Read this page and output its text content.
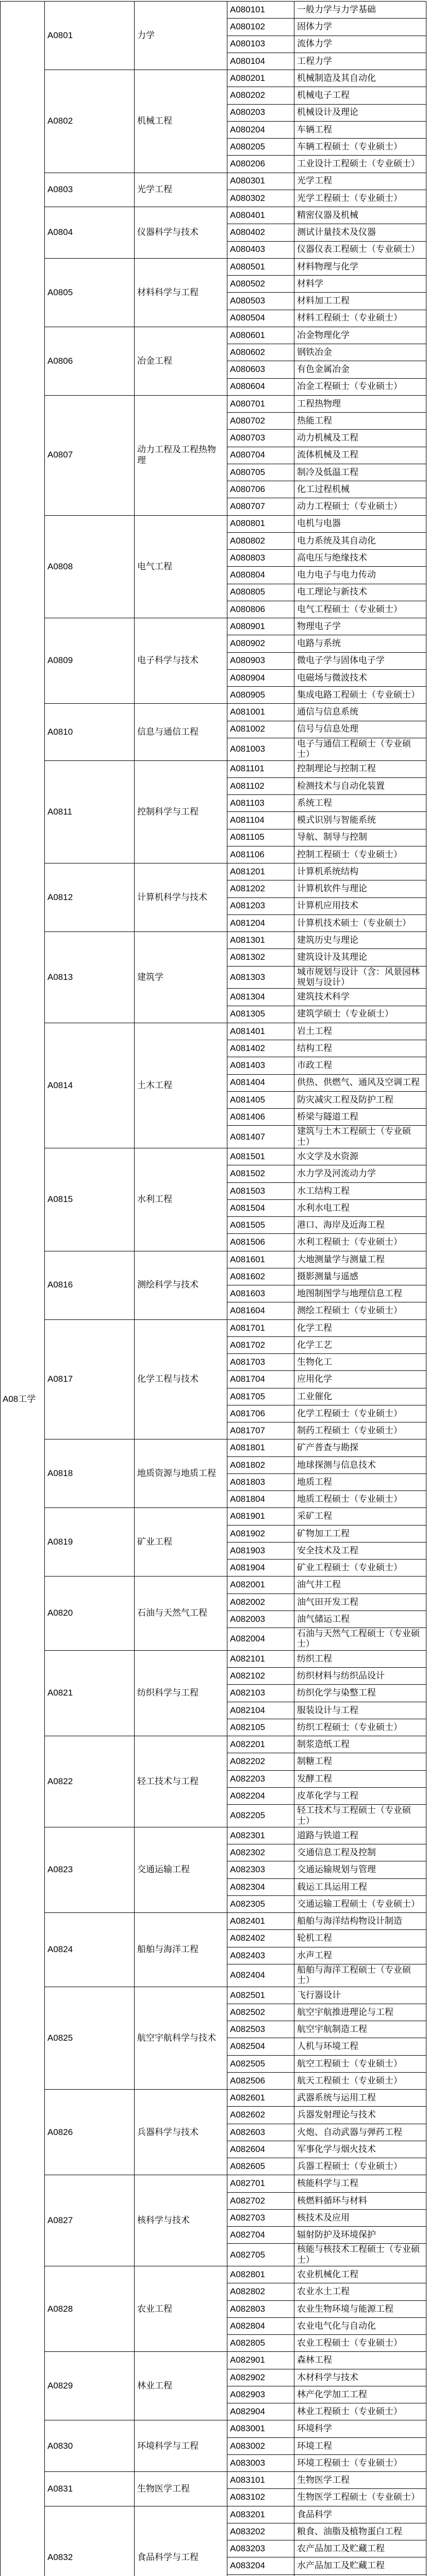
A08工学	A0801	力学	A080101	一般力学与力学基础
			A080102	固体力学
			A080103	流体力学
			A080104	工程力学
	A0802	机械工程	A080201	机械制造及其自动化
			A080202	机械电子工程
			A080203	机械设计及理论
			A080204	车辆工程
			A080205	车辆工程硕士（专业硕士）
			A080206	工业设计工程硕士（专业硕士）
	A0803	光学工程	A080301	光学工程
			A080302	光学工程硕士（专业硕士）
	A0804	仪器科学与技术	A080401	精密仪器及机械
			A080402	测试计量技术及仪器
			A080403	仪器仪表工程硕士（专业硕士）
	A0805	材料科学与工程	A080501	材料物理与化学
			A080502	材料学
			A080503	材料加工工程
			A080504	材料工程硕士（专业硕士）
	A0806	冶金工程	A080601	冶金物理化学
			A080602	钢铁冶金
			A080603	有色金属冶金
			A080604	冶金工程硕士（专业硕士）
	A0807	动力工程及工程热物理	A080701	工程热物理
			A080702	热能工程
			A080703	动力机械及工程
			A080704	流体机械及工程
			A080705	制冷及低温工程
			A080706	化工过程机械
			A080707	动力工程硕士（专业硕士）
	A0808	电气工程	A080801	电机与电器
			A080802	电力系统及其自动化
			A080803	高电压与绝缘技术
			A080804	电力电子与电力传动
			A080805	电工理论与新技术
			A080806	电气工程硕士（专业硕士）
	A0809	电子科学与技术	A080901	物理电子学
			A080902	电路与系统
			A080903	微电子学与固体电子学
			A080904	电磁场与微波技术
			A080905	集成电路工程硕士（专业硕士）
	A0810	信息与通信工程	A081001	通信与信息系统
			A081002	信号与信息处理
			A081003	电子与通信工程硕士（专业硕士）
	A0811	控制科学与工程	A081101	控制理论与控制工程
			A081102	检测技术与自动化装置
			A081103	系统工程
			A081104	模式识别与智能系统
			A081105	导航、制导与控制
			A081106	控制工程硕士（专业硕士）
	A0812	计算机科学与技术	A081201	计算机系统结构
			A081202	计算机软件与理论
			A081203	计算机应用技术
			A081204	计算机技术硕士（专业硕士）
	A0813	建筑学	A081301	建筑历史与理论
			A081302	建筑设计及其理论
			A081303	城市规划与设计（含：风景园林规划与设计）
			A081304	建筑技术科学
			A081305	建筑学硕士（专业硕士）
	A0814	土木工程	A081401	岩土工程
			A081402	结构工程
			A081403	市政工程
			A081404	供热、供燃气、通风及空调工程
			A081405	防灾减灾工程及防护工程
			A081406	桥梁与隧道工程
			A081407	建筑与土木工程硕士（专业硕士）
	A0815	水利工程	A081501	水文学及水资源
			A081502	水力学及河流动力学
			A081503	水工结构工程
			A081504	水利水电工程
			A081505	港口、海岸及近海工程
			A081506	水利工程硕士（专业硕士）
	A0816	测绘科学与技术	A081601	大地测量学与测量工程
			A081602	摄影测量与遥感
			A081603	地图制图学与地理信息工程
			A081604	测绘工程硕士（专业硕士）
	A0817	化学工程与技术	A081701	化学工程
			A081702	化学工艺
			A081703	生物化工
			A081704	应用化学
			A081705	工业催化
			A081706	化学工程硕士（专业硕士）
			A081707	制药工程硕士（专业硕士）
	A0818	地质资源与地质工程	A081801	矿产普查与勘探
			A081802	地球探测与信息技术
			A081803	地质工程
			A081804	地质工程硕士（专业硕士）
	A0819	矿业工程	A081901	采矿工程
			A081902	矿物加工工程
			A081903	安全技术及工程
			A081904	矿业工程硕士（专业硕士）
	A0820	石油与天然气工程	A082001	油气井工程
			A082002	油气田开发工程
			A082003	油气储运工程
			A082004	石油与天然气工程硕士（专业硕士）
	A0821	纺织科学与工程	A082101	纺织工程
			A082102	纺织材料与纺织品设计
			A082103	纺织化学与染整工程
			A082104	服装设计与工程
			A082105	纺织工程硕士（专业硕士）
	A0822	轻工技术与工程	A082201	制浆造纸工程
			A082202	制糖工程
			A082203	发酵工程
			A082204	皮革化学与工程
			A082205	轻工技术与工程硕士（专业硕士）
	A0823	交通运输工程	A082301	道路与铁道工程
			A082302	交通信息工程及控制
			A082303	交通运输规划与管理
			A082304	载运工具运用工程
			A082305	交通运输工程硕士（专业硕士）
	A0824	船舶与海洋工程	A082401	船舶与海洋结构物设计制造
			A082402	轮机工程
			A082403	水声工程
			A082404	船舶与海洋工程硕士（专业硕士）
	A0825	航空宇航科学与技术	A082501	飞行器设计
			A082502	航空宇航推进理论与工程
			A082503	航空宇航制造工程
			A082504	人机与环境工程
			A082505	航空工程硕士（专业硕士）
			A082506	航天工程硕士（专业硕士）
	A0826	兵器科学与技术	A082601	武器系统与运用工程
			A082602	兵器发射理论与技术
			A082603	火炮、自动武器与弹药工程
			A082604	军事化学与烟火技术
			A082605	兵器工程硕士（专业硕士）
	A0827	核科学与技术	A082701	核能科学与工程
			A082702	核燃料循环与材料
			A082703	核技术及应用
			A082704	辐射防护及环境保护
			A082705	核能与核技术工程硕士（专业硕士）
	A0828	农业工程	A082801	农业机械化工程
			A082802	农业水土工程
			A082803	农业生物环境与能源工程
			A082804	农业电气化与自动化
			A082805	农业工程硕士（专业硕士）
	A0829	林业工程	A082901	森林工程
			A082902	木材科学与技术
			A082903	林产化学加工工程
			A082904	林业工程硕士（专业硕士）
	A0830	环境科学与工程	A083001	环境科学
			A083002	环境工程
			A083003	环境工程硕士（专业硕士）
	A0831	生物医学工程	A083101	生物医学工程
			A083102	生物医学工程硕士（专业硕士）
	A0832	食品科学与工程	A083201	食品科学
			A083202	粮食、油脂及植物蛋白工程
			A083203	农产品加工及贮藏工程
			A083204	水产品加工及贮藏工程
